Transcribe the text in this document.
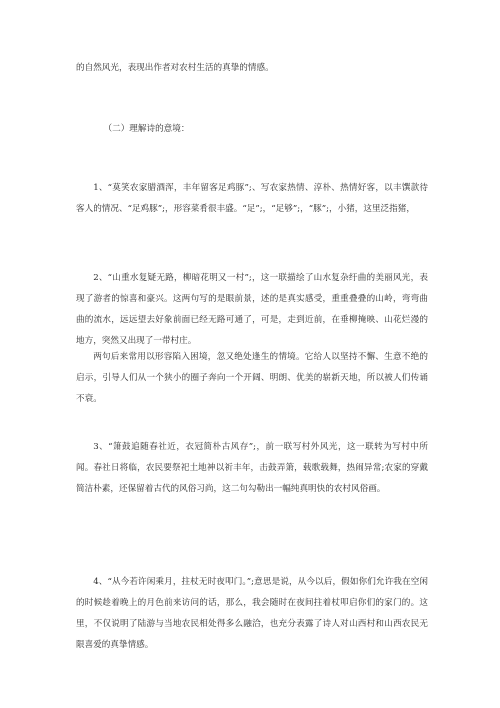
的自然风光，表现出作者对农村生活的真挚的情感。

（二）理解诗的意境：

1、“莫笑农家腊酒浑，丰年留客足鸡豚”;、写农家热情、淳朴、热情好客，以丰馔款待客人的情况、“足鸡豚”;，形容菜肴很丰盛。“足”;，“足够”;，“豚”;，小猪，这里泛指猪，

2、“山重水复疑无路，柳暗花明又一村”;，这一联描绘了山水复杂纡曲的美丽风光，表现了游者的惊喜和豪兴。这两句写的是眼前景，述的是真实感受，重重叠叠的山岭，弯弯曲曲的流水，远远望去好象前面已经无路可通了，可是，走到近前，在垂柳掩映、山花烂漫的地方，突然又出现了一带村庄。

两句后来常用以形容陷入困境，忽又绝处逢生的情境。它给人以坚持不懈、生意不绝的启示，引导人们从一个狭小的圈子奔向一个开阔、明朗、优美的崭新天地，所以被人们传诵不衰。

3、“箫鼓追随春社近，衣冠简朴古风存”;，前一联写村外风光，这一联转为写村中所闻。春社日将临，农民要祭祀土地神以祈丰年，击鼓弄箫，载歌载舞，热闹异常;农家的穿戴简洁朴素，还保留着古代的风俗习尚，这二句勾勒出一幅纯真明快的农村风俗画。

4、“从今若许闲乘月，拄杖无时夜叩门。”;意思是说，从今以后，假如你们允许我在空闲的时候趁着晚上的月色前来访问的话，那么，我会随时在夜间拄着杖叩启你们的家门的。这里，不仅说明了陆游与当地农民相处得多么融洽，也充分表露了诗人对山西村和山西农民无限喜爱的真挚情感。
